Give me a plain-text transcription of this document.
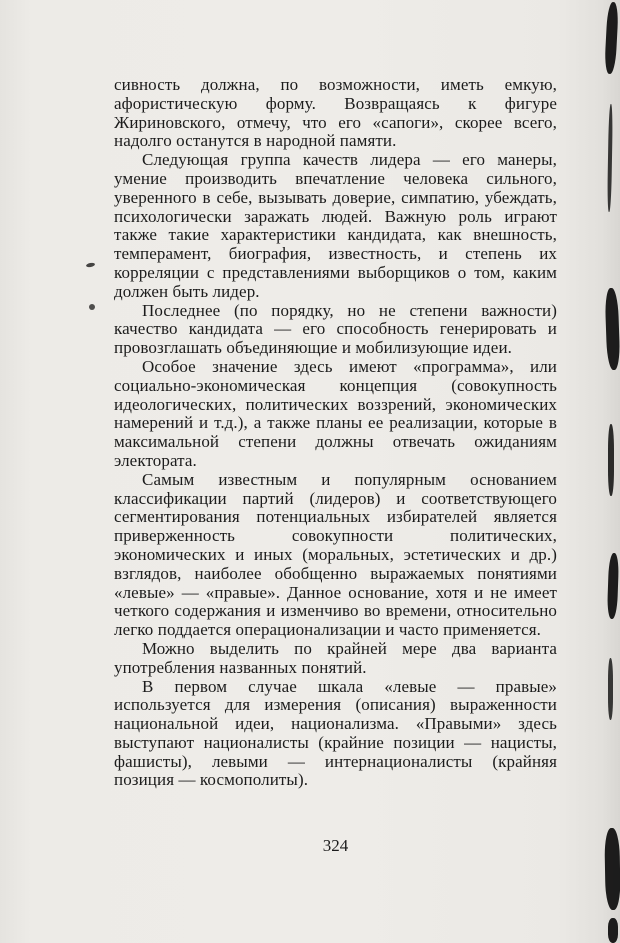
сивность должна, по возможности, иметь емкую, афористическую форму. Возвращаясь к фигуре Жириновского, отмечу, что его «сапоги», скорее всего, надолго останутся в народной памяти.

Следующая группа качеств лидера — его манеры, умение производить впечатление человека сильного, уверенного в себе, вызывать доверие, симпатию, убеждать, психологически заражать людей. Важную роль играют также такие характеристики кандидата, как внешность, темперамент, биография, известность, и степень их корреляции с представлениями выборщиков о том, каким должен быть лидер.

Последнее (по порядку, но не степени важности) качество кандидата — его способность генерировать и провозглашать объединяющие и мобилизующие идеи.

Особое значение здесь имеют «программа», или социально-экономическая концепция (совокупность идеологических, политических воззрений, экономических намерений и т.д.), а также планы ее реализации, которые в максимальной степени должны отвечать ожиданиям электората.

Самым известным и популярным основанием классификации партий (лидеров) и соответствующего сегментирования потенциальных избирателей является приверженность совокупности политических, экономических и иных (моральных, эстетических и др.) взглядов, наиболее обобщенно выражаемых понятиями «левые» — «правые». Данное основание, хотя и не имеет четкого содержания и изменчиво во времени, относительно легко поддается операционализации и часто применяется.

Можно выделить по крайней мере два варианта употребления названных понятий.

В первом случае шкала «левые — правые» используется для измерения (описания) выраженности национальной идеи, национализма. «Правыми» здесь выступают националисты (крайние позиции — нацисты, фашисты), левыми — интернационалисты (крайняя позиция — космополиты).

324
